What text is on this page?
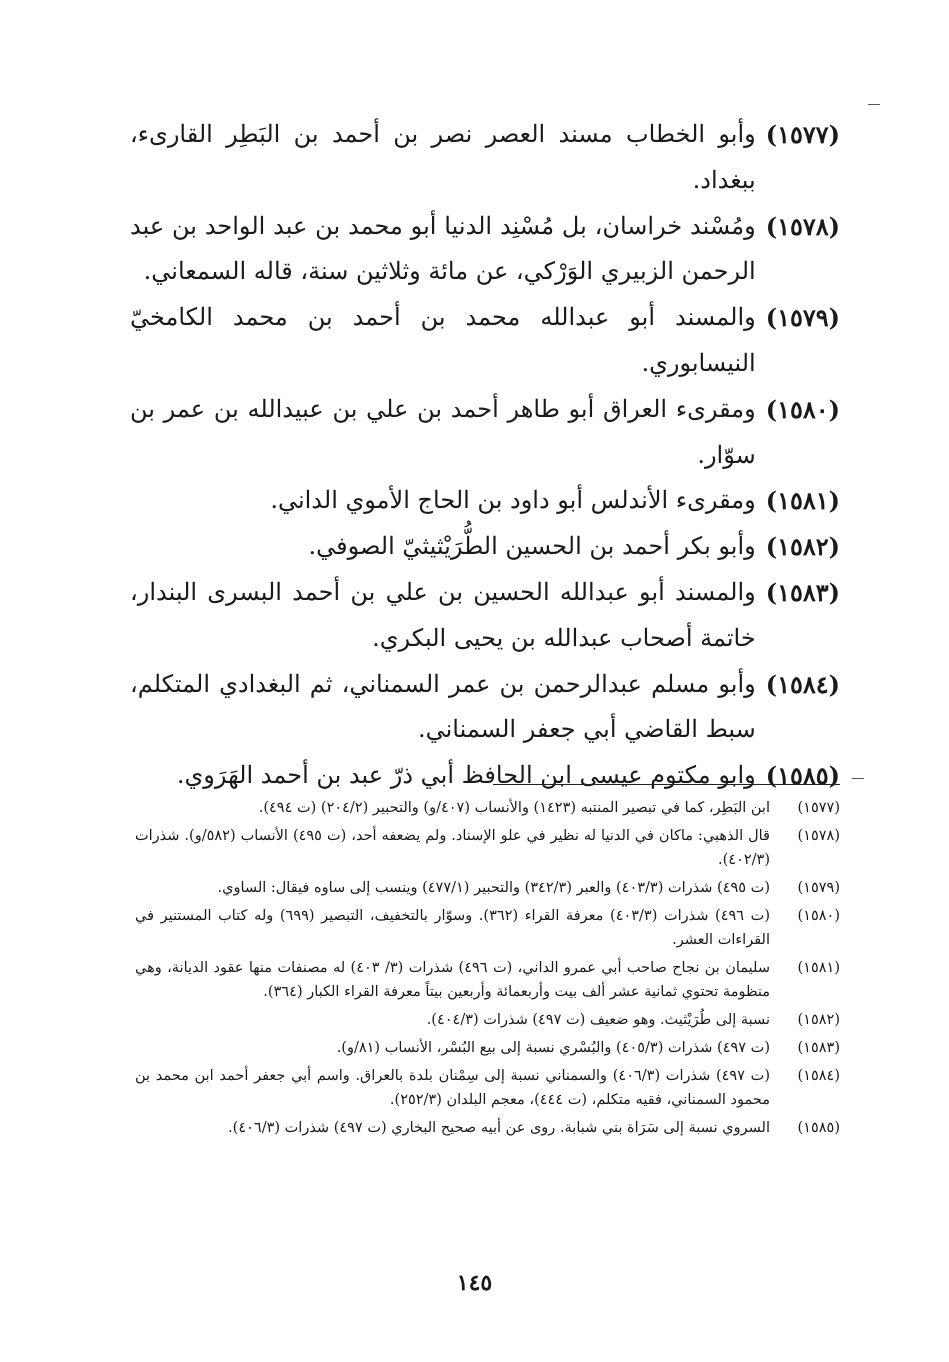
(١٥٧٧)
وأبو الخطاب مسند العصر نصر بن أحمد بن البَطِر القارىء، ببغداد.
(١٥٧٨)
ومُسْند خراسان، بل مُسْنِد الدنيا أبو محمد بن عبد الواحد بن عبد الرحمن الزبيري الوَرْكي، عن مائة وثلاثين سنة، قاله السمعاني.
(١٥٧٩)
والمسند أبو عبدالله محمد بن أحمد بن محمد الكامخيّ النيسابوري.
(١٥٨٠)
ومقرىء العراق أبو طاهر أحمد بن علي بن عبيدالله بن عمر بن سوّار.
(١٥٨١)
ومقرىء الأندلس أبو داود بن الحاج الأموي الداني.
(١٥٨٢)
وأبو بكر أحمد بن الحسين الطُّرَيْثيثيّ الصوفي.
(١٥٨٣)
والمسند أبو عبدالله الحسين بن علي بن أحمد البسرى البندار، خاتمة أصحاب عبدالله بن يحيى البكري.
(١٥٨٤)
وأبو مسلم عبدالرحمن بن عمر السمناني، ثم البغدادي المتكلم، سبط القاضي أبي جعفر السمناني.
(١٥٨٥)
وابو مكتوم عيسى ابن الحافظ أبي ذرّ عبد بن أحمد الهَرَوي.
(١٥٧٧)
ابن البَطِر، كما في تبصير المنتبه (١٤٢٣) والأنساب (٤٠٧/و) والتحبير (٢٠٤/٢) (ت ٤٩٤).
(١٥٧٨)
قال الذهبي: ماكان في الدنيا له نظير في علو الإسناد. ولم يضعفه أحد، (ت ٤٩٥) الأنساب (٥٨٢/و). شذرات (٤٠٢/٣).
(١٥٧٩)
(ت ٤٩٥) شذرات (٤٠٣/٣) والعبر (٣٤٢/٣) والتحبير (٤٧٧/١) وينسب إلى ساوه فيقال: الساوي.
(١٥٨٠)
(ت ٤٩٦) شذرات (٤٠٣/٣) معرفة القراء (٣٦٢). وسوّار بالتخفيف، التبصير (٦٩٩) وله كتاب المستنير في القراءات العشر.
(١٥٨١)
سليمان بن نجاح صاحب أبي عمرو الداني، (ت ٤٩٦) شذرات (٣/ ٤٠٣) له مصنفات منها عقود الديانة، وهي منظومة تحتوي ثمانية عشر ألف بيت وأربعمائة وأربعين بيتاً معرفة القراء الكبار (٣٦٤).
(١٥٨٢)
نسبة إلى طُرَيْثيث. وهو ضعيف (ت ٤٩٧) شذرات (٤٠٤/٣).
(١٥٨٣)
(ت ٤٩٧) شذرات (٤٠٥/٣) والبُسْري نسبة إلى بيع البُسْر، الأنساب (٨١/و).
(١٥٨٤)
(ت ٤٩٧) شذرات (٤٠٦/٣) والسمناني نسبة إلى سِمْنان بلدة بالعراق. واسم أبي جعفر أحمد ابن محمد بن محمود السمناني، فقيه متكلم، (ت ٤٤٤)، معجم البلدان (٢٥٢/٣).
(١٥٨٥)
السروي نسبة إلى سَرَاة بني شبابة. روى عن أبيه صحيح البخاري (ت ٤٩٧) شذرات (٤٠٦/٣).
١٤٥
